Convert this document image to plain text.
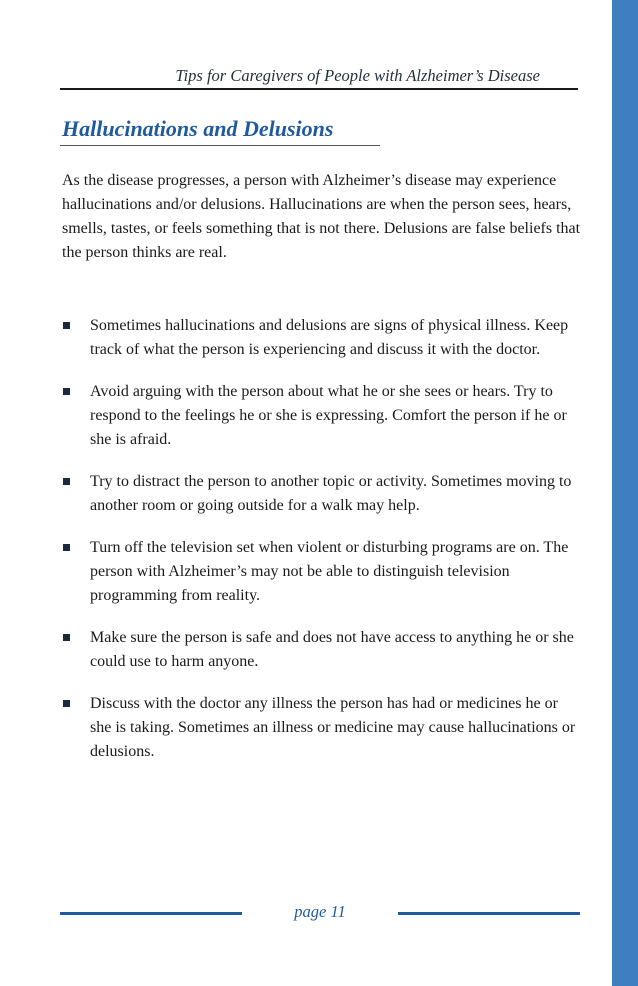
Tips for Caregivers of People with Alzheimer’s Disease
Hallucinations and Delusions

As the disease progresses, a person with Alzheimer’s disease may experience hallucinations and/or delusions. Hallucinations are when the person sees, hears, smells, tastes, or feels something that is not there. Delusions are false beliefs that the person thinks are real.

Sometimes hallucinations and delusions are signs of physical illness. Keep track of what the person is experiencing and discuss it with the doctor.
Avoid arguing with the person about what he or she sees or hears. Try to respond to the feelings he or she is expressing. Comfort the person if he or she is afraid.
Try to distract the person to another topic or activity. Sometimes moving to another room or going outside for a walk may help.
Turn off the television set when violent or disturbing programs are on. The person with Alzheimer’s may not be able to distinguish television programming from reality.
Make sure the person is safe and does not have access to anything he or she could use to harm anyone.
Discuss with the doctor any illness the person has had or medicines he or she is taking. Sometimes an illness or medicine may cause hallucinations or delusions.
page 11
